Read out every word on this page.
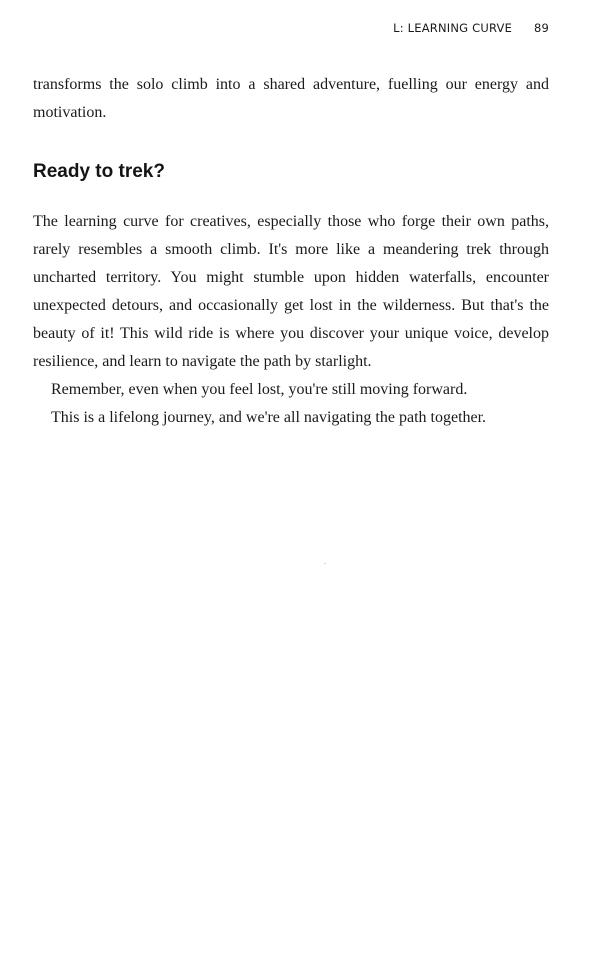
L: LEARNING CURVE 89

transforms the solo climb into a shared adventure, fuelling our energy and motivation.

Ready to trek?

The learning curve for creatives, especially those who forge their own paths, rarely resembles a smooth climb. It's more like a meandering trek through uncharted territory. You might stumble upon hidden waterfalls, encounter unexpected detours, and occasionally get lost in the wilderness. But that's the beauty of it! This wild ride is where you discover your unique voice, develop resilience, and learn to navigate the path by starlight.

Remember, even when you feel lost, you're still moving forward.

This is a lifelong journey, and we're all navigating the path together.
